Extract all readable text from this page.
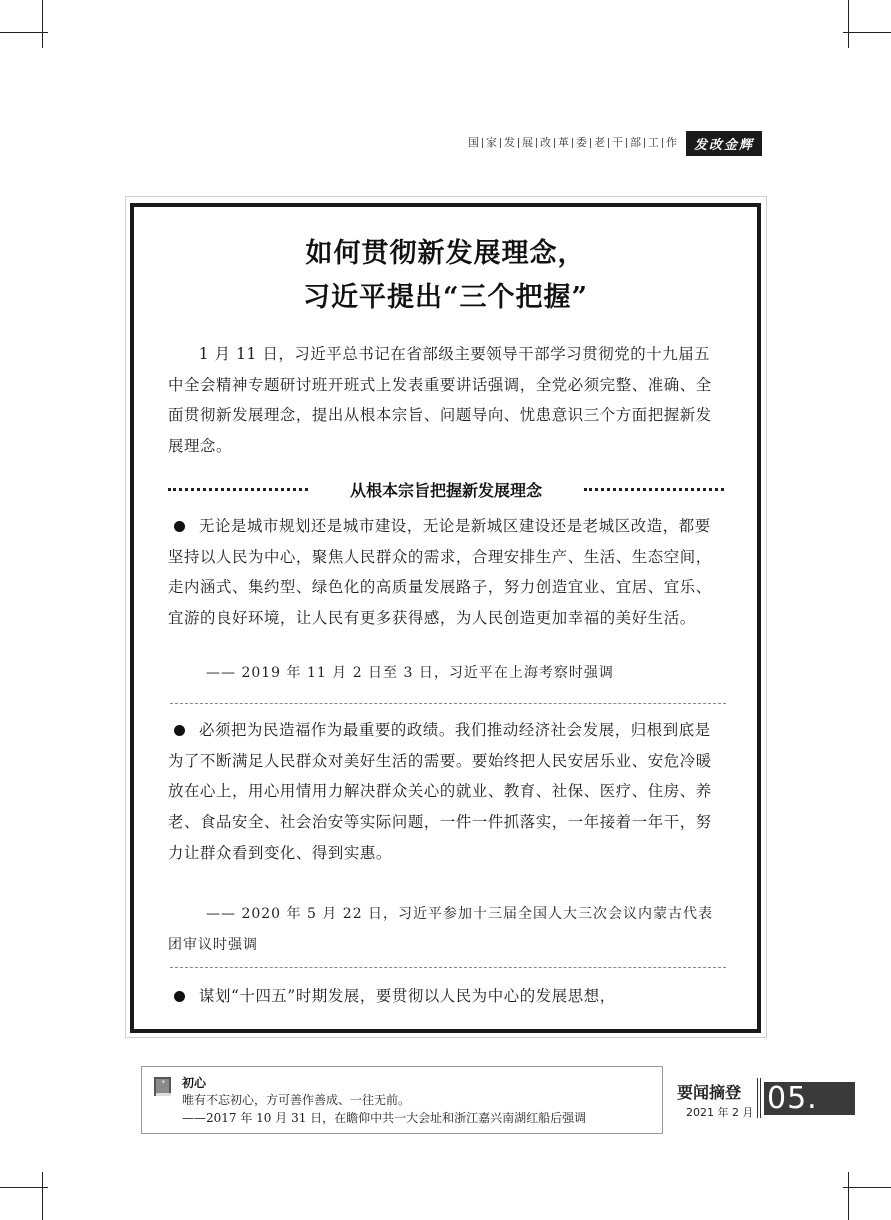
国 家 发 展 改 革 委 老 干 部 工 作	发改金辉
如何贯彻新发展理念，
习近平提出“三个把握”

1 月 11 日，习近平总书记在省部级主要领导干部学习贯彻党的十九届五中全会精神专题研讨班开班式上发表重要讲话强调，全党必须完整、准确、全面贯彻新发展理念，提出从根本宗旨、问题导向、忧患意识三个方面把握新发展理念。

从根本宗旨把握新发展理念

无论是城市规划还是城市建设，无论是新城区建设还是老城区改造，都要坚持以人民为中心，聚焦人民群众的需求，合理安排生产、生活、生态空间，走内涵式、集约型、绿色化的高质量发展路子，努力创造宜业、宜居、宜乐、宜游的良好环境，让人民有更多获得感，为人民创造更加幸福的美好生活。

—— 2019 年 11 月 2 日至 3 日，习近平在上海考察时强调

必须把为民造福作为最重要的政绩。我们推动经济社会发展，归根到底是为了不断满足人民群众对美好生活的需要。要始终把人民安居乐业、安危冷暖放在心上，用心用情用力解决群众关心的就业、教育、社保、医疗、住房、养老、食品安全、社会治安等实际问题，一件一件抓落实，一年接着一年干，努力让群众看到变化、得到实惠。

—— 2020 年 5 月 22 日，习近平参加十三届全国人大三次会议内蒙古代表团审议时强调

谋划“十四五”时期发展，要贯彻以人民为中心的发展思想，

* 初心
唯有不忘初心，方可善作善成、一往无前。
——2017 年 10 月 31 日，在瞻仰中共一大会址和浙江嘉兴南湖红船后强调
要闻摘登
2021 年 2 月 05.
